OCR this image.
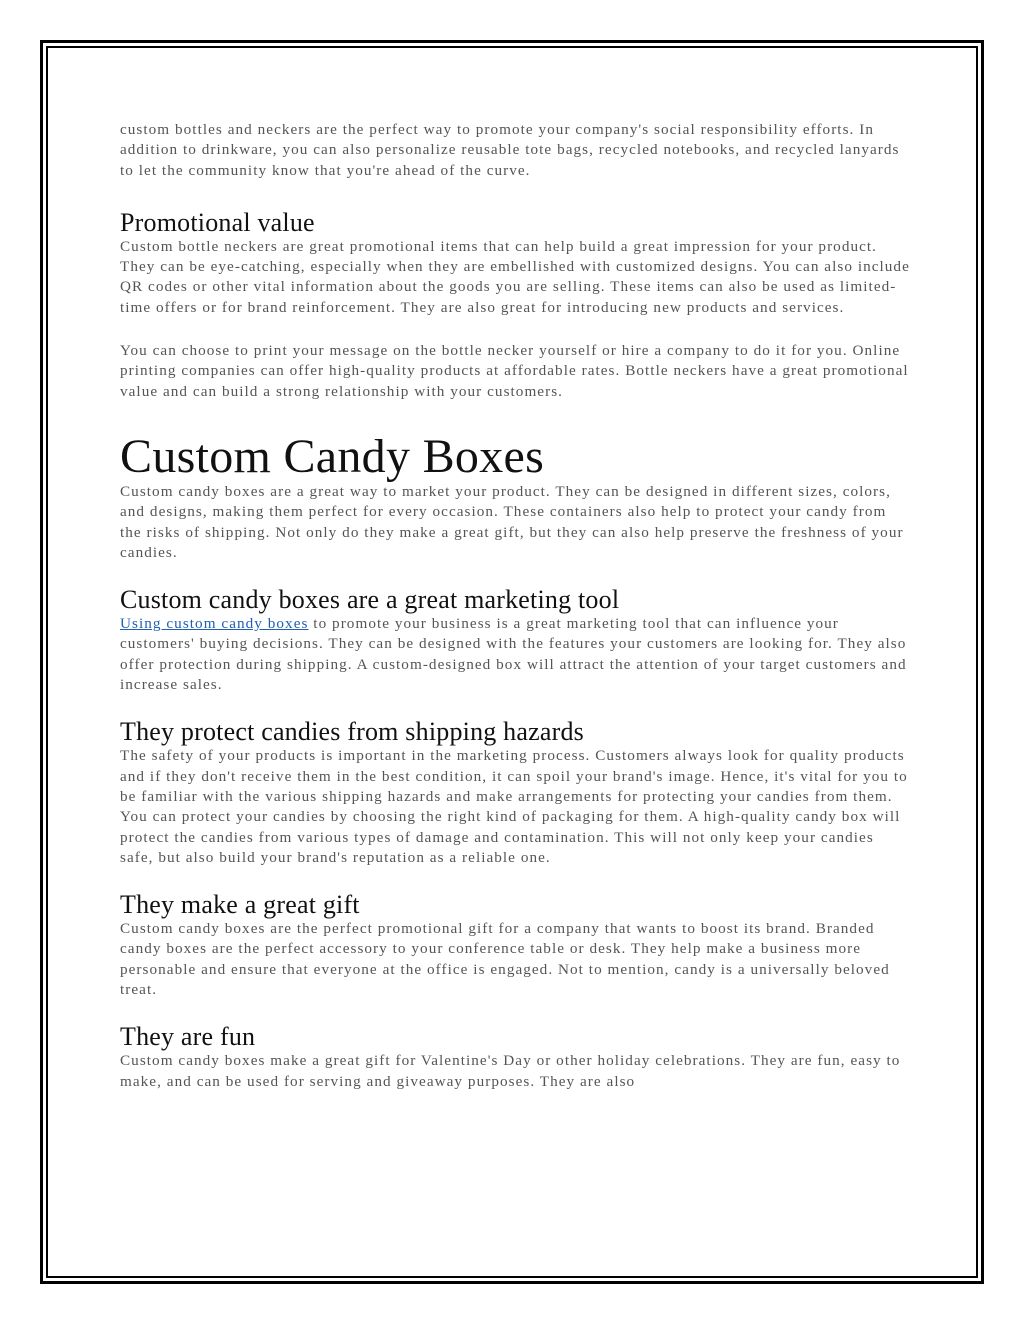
custom bottles and neckers are the perfect way to promote your company's social responsibility efforts. In addition to drinkware, you can also personalize reusable tote bags, recycled notebooks, and recycled lanyards to let the community know that you're ahead of the curve.

Promotional value

Custom bottle neckers are great promotional items that can help build a great impression for your product. They can be eye-catching, especially when they are embellished with customized designs. You can also include QR codes or other vital information about the goods you are selling. These items can also be used as limited-time offers or for brand reinforcement. They are also great for introducing new products and services.

You can choose to print your message on the bottle necker yourself or hire a company to do it for you. Online printing companies can offer high-quality products at affordable rates. Bottle neckers have a great promotional value and can build a strong relationship with your customers.

Custom Candy Boxes

Custom candy boxes are a great way to market your product. They can be designed in different sizes, colors, and designs, making them perfect for every occasion. These containers also help to protect your candy from the risks of shipping. Not only do they make a great gift, but they can also help preserve the freshness of your candies.

Custom candy boxes are a great marketing tool

Using custom candy boxes to promote your business is a great marketing tool that can influence your customers' buying decisions. They can be designed with the features your customers are looking for. They also offer protection during shipping. A custom-designed box will attract the attention of your target customers and increase sales.

They protect candies from shipping hazards

The safety of your products is important in the marketing process. Customers always look for quality products and if they don't receive them in the best condition, it can spoil your brand's image. Hence, it's vital for you to be familiar with the various shipping hazards and make arrangements for protecting your candies from them. You can protect your candies by choosing the right kind of packaging for them. A high-quality candy box will protect the candies from various types of damage and contamination. This will not only keep your candies safe, but also build your brand's reputation as a reliable one.

They make a great gift

Custom candy boxes are the perfect promotional gift for a company that wants to boost its brand. Branded candy boxes are the perfect accessory to your conference table or desk. They help make a business more personable and ensure that everyone at the office is engaged. Not to mention, candy is a universally beloved treat.

They are fun

Custom candy boxes make a great gift for Valentine's Day or other holiday celebrations. They are fun, easy to make, and can be used for serving and giveaway purposes. They are also
